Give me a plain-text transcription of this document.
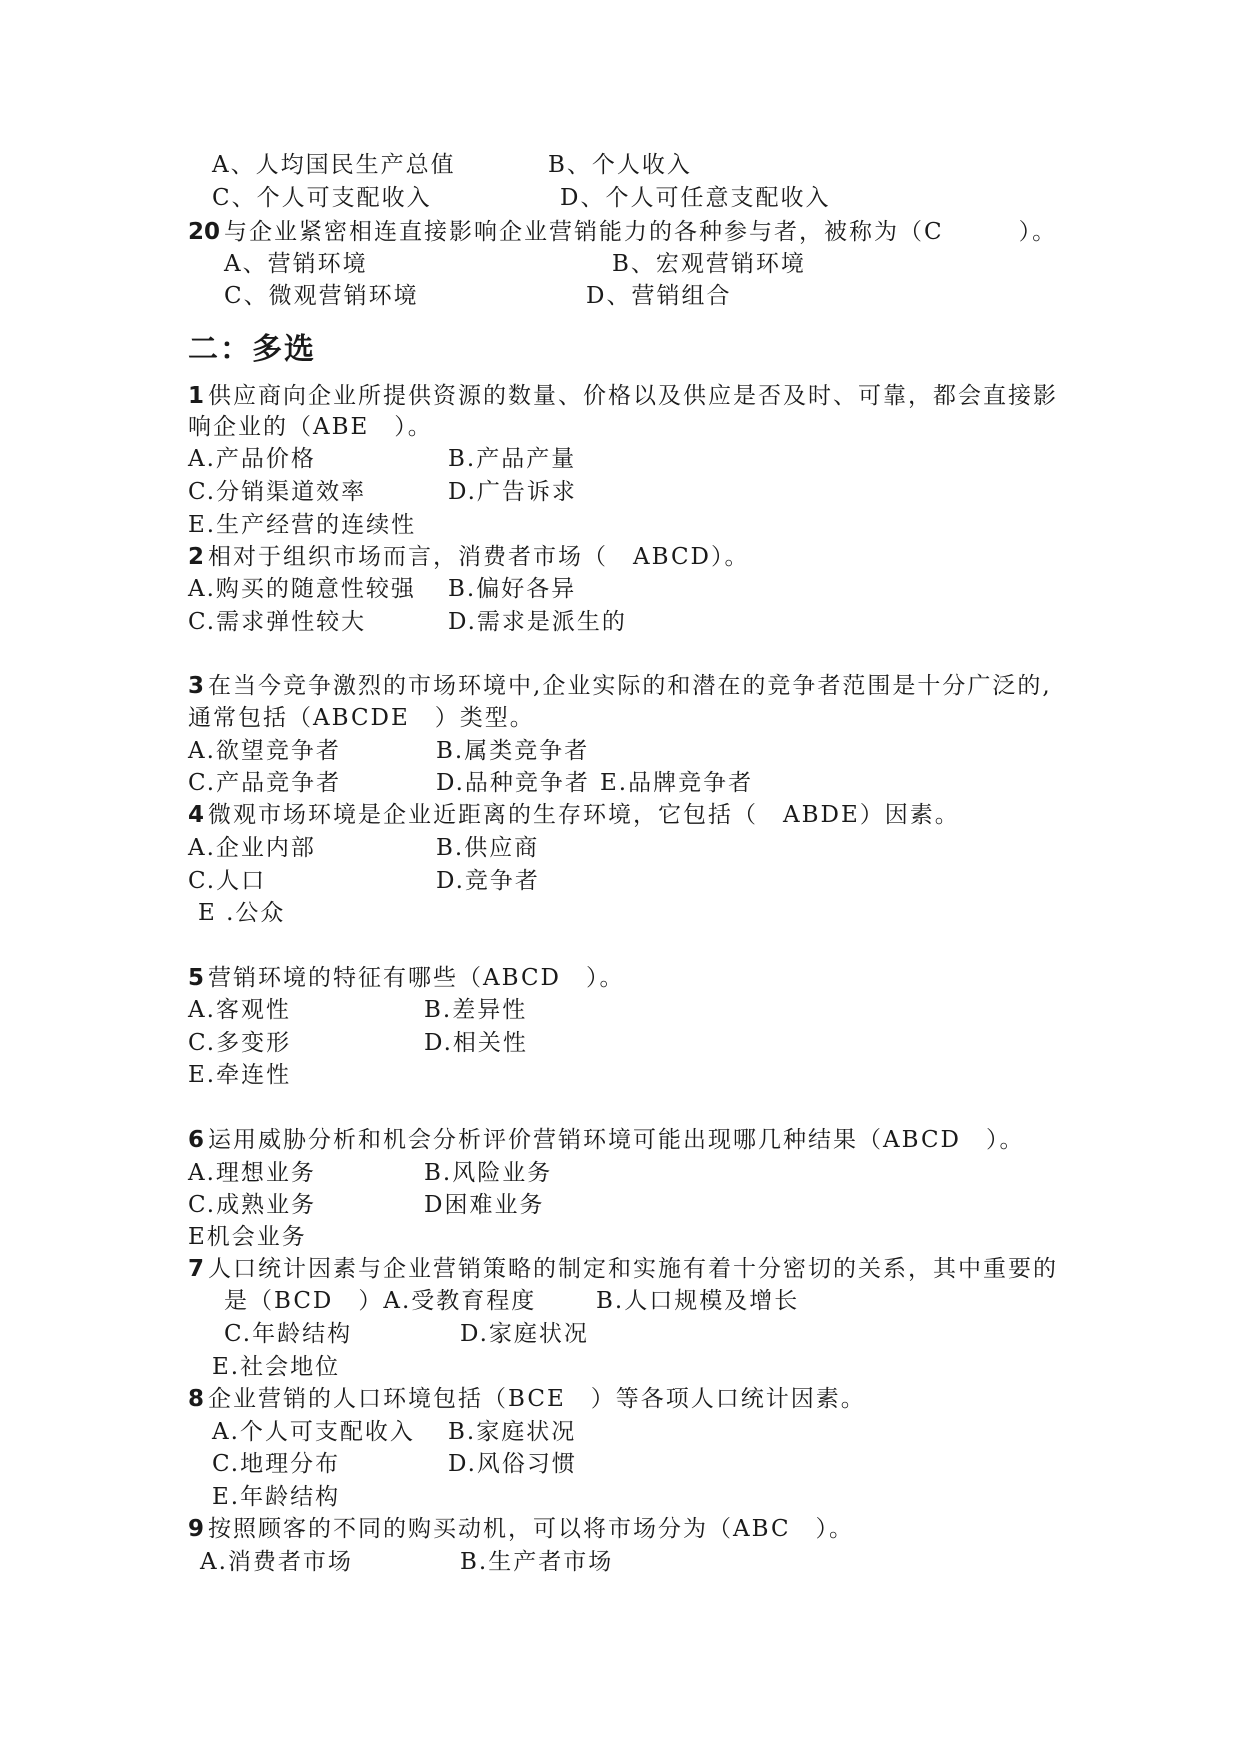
A、人均国民生产总值	B、个人收入
C、个人可支配收入	D、个人可任意支配收入
20 与企业紧密相连直接影响企业营销能力的各种参与者，被称为（C　　　）。
A、营销环境	B、宏观营销环境
C、微观营销环境	D、营销组合
二：多选
1 供应商向企业所提供资源的数量、价格以及供应是否及时、可靠，都会直接影
响企业的（ABE　）。
A.产品价格	B.产品产量
C.分销渠道效率	D.广告诉求
E.生产经营的连续性
2 相对于组织市场而言，消费者市场（　ABCD）。
A.购买的随意性较强 B.偏好各异
C.需求弹性较大	D.需求是派生的
3 在当今竞争激烈的市场环境中,企业实际的和潜在的竞争者范围是十分广泛的,
通常包括（ABCDE　）类型。
A.欲望竞争者	B.属类竞争者
C.产品竞争者	D.品种竞争者 E.品牌竞争者
4 微观市场环境是企业近距离的生存环境，它包括（　ABDE）因素。
A.企业内部	B.供应商
C.人口	D.竞争者
E .公众
5 营销环境的特征有哪些（ABCD　）。
A.客观性	B.差异性
C.多变形	D.相关性
E.牵连性
6 运用威胁分析和机会分析评价营销环境可能出现哪几种结果（ABCD　）。
A.理想业务	B.风险业务
C.成熟业务	D困难业务
E机会业务
7 人口统计因素与企业营销策略的制定和实施有着十分密切的关系，其中重要的
是（BCD　）A.受教育程度	B.人口规模及增长
C.年龄结构	D.家庭状况
E.社会地位
8 企业营销的人口环境包括（BCE　）等各项人口统计因素。
A.个人可支配收入 B.家庭状况
C.地理分布	D.风俗习惯
E.年龄结构
9 按照顾客的不同的购买动机，可以将市场分为（ABC　）。
A.消费者市场	B.生产者市场
